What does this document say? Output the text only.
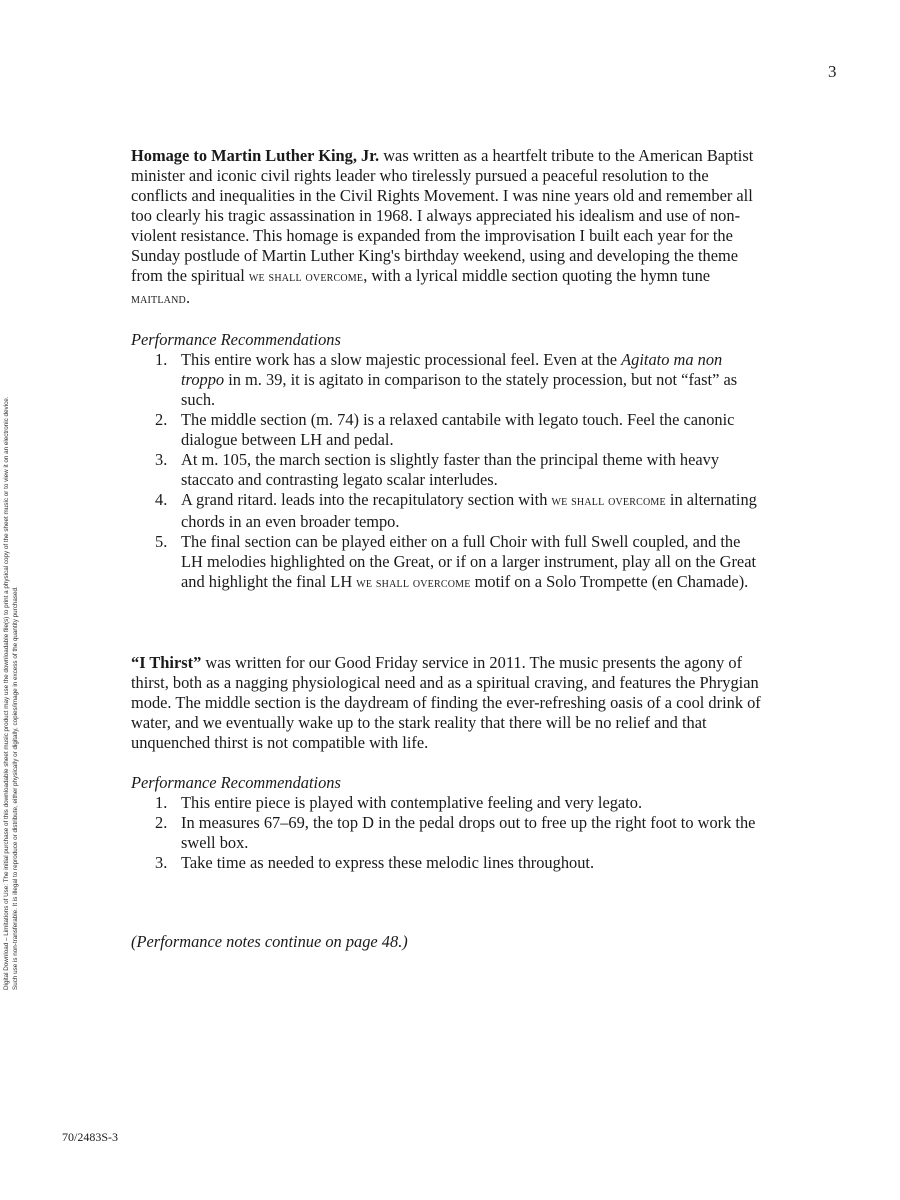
3
Digital Download – Limitations of Use: The initial purchase of this downloadable sheet music product may use the downloadable file(s) to print a physical copy of the sheet music or to view it on an electronic device. Such use is non-transferable. It is illegal to reproduce or distribute, either physically or digitally, copies/image in excess of the quantity purchased.

Homage to Martin Luther King, Jr. was written as a heartfelt tribute to the American Baptist minister and iconic civil rights leader who tirelessly pursued a peaceful resolution to the conflicts and inequalities in the Civil Rights Movement. I was nine years old and remember all too clearly his tragic assassination in 1968. I always appreciated his idealism and use of non-violent resistance. This homage is expanded from the improvisation I built each year for the Sunday postlude of Martin Luther King's birthday weekend, using and developing the theme from the spiritual we shall overcome, with a lyrical middle section quoting the hymn tune maitland.

Performance Recommendations

1. This entire work has a slow majestic processional feel. Even at the Agitato ma non troppo in m. 39, it is agitato in comparison to the stately procession, but not “fast” as such.
2. The middle section (m. 74) is a relaxed cantabile with legato touch. Feel the canonic dialogue between LH and pedal.
3. At m. 105, the march section is slightly faster than the principal theme with heavy staccato and contrasting legato scalar interludes.
4. A grand ritard. leads into the recapitulatory section with we shall overcome in alternating chords in an even broader tempo.
5. The final section can be played either on a full Choir with full Swell coupled, and the LH melodies highlighted on the Great, or if on a larger instrument, play all on the Great and highlight the final LH we shall overcome motif on a Solo Trompette (en Chamade).

“I Thirst” was written for our Good Friday service in 2011. The music presents the agony of thirst, both as a nagging physiological need and as a spiritual craving, and features the Phrygian mode. The middle section is the daydream of finding the ever-refreshing oasis of a cool drink of water, and we eventually wake up to the stark reality that there will be no relief and that unquenched thirst is not compatible with life.

Performance Recommendations

1. This entire piece is played with contemplative feeling and very legato.
2. In measures 67–69, the top D in the pedal drops out to free up the right foot to work the swell box.
3. Take time as needed to express these melodic lines throughout.

(Performance notes continue on page 48.)

70/2483S-3
